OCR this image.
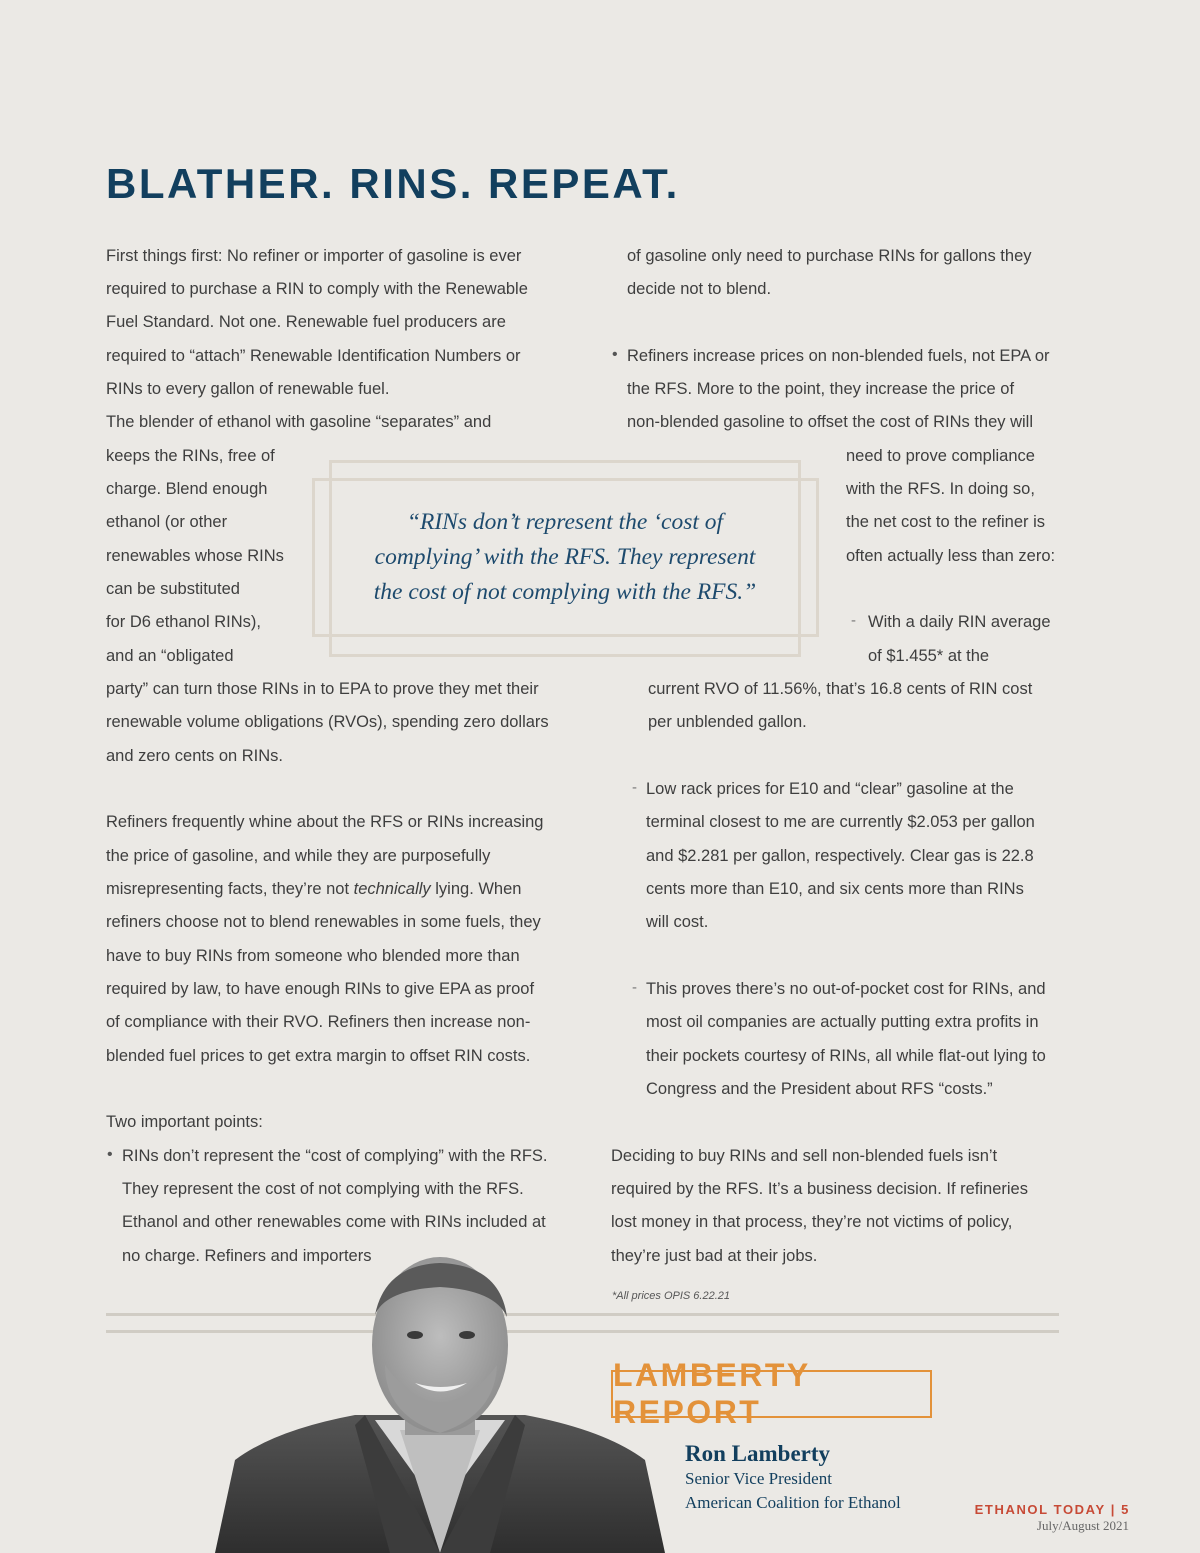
BLATHER. RINS. REPEAT.
First things first: No refiner or importer of gasoline is ever
required to purchase a RIN to comply with the Renewable
Fuel Standard. Not one. Renewable fuel producers are
required to “attach” Renewable Identification Numbers or
RINs to every gallon of renewable fuel.
The blender of ethanol with gasoline “separates” and
keeps the RINs, free of
charge. Blend enough
ethanol (or other
renewables whose RINs
can be substituted
for D6 ethanol RINs),
and an “obligated
party” can turn those RINs in to EPA to prove they met their
renewable volume obligations (RVOs), spending zero dollars
and zero cents on RINs.
Refiners frequently whine about the RFS or RINs increasing
the price of gasoline, and while they are purposefully
misrepresenting facts, they’re not technically lying. When
refiners choose not to blend renewables in some fuels, they
have to buy RINs from someone who blended more than
required by law, to have enough RINs to give EPA as proof
of compliance with their RVO. Refiners then increase non-
blended fuel prices to get extra margin to offset RIN costs.
Two important points:
• RINs don’t represent the “cost of complying” with the RFS.
They represent the cost of not complying with the RFS.
Ethanol and other renewables come with RINs included at
no charge. Refiners and importers
of gasoline only need to purchase RINs for gallons they
decide not to blend.
• Refiners increase prices on non-blended fuels, not EPA or
the RFS. More to the point, they increase the price of
non-blended gasoline to offset the cost of RINs they will
need to prove compliance
with the RFS. In doing so,
the net cost to the refiner is
often actually less than zero:
- With a daily RIN average
of $1.455* at the
current RVO of 11.56%, that’s 16.8 cents of RIN cost
per unblended gallon.
- Low rack prices for E10 and “clear” gasoline at the
terminal closest to me are currently $2.053 per gallon
and $2.281 per gallon, respectively. Clear gas is 22.8
cents more than E10, and six cents more than RINs
will cost.
- This proves there’s no out-of-pocket cost for RINs, and
most oil companies are actually putting extra profits in
their pockets courtesy of RINs, all while flat-out lying to
Congress and the President about RFS “costs.”
Deciding to buy RINs and sell non-blended fuels isn’t
required by the RFS. It’s a business decision. If refineries
lost money in that process, they’re not victims of policy,
they’re just bad at their jobs.
*All prices OPIS 6.22.21
“RINs don’t represent the ‘cost of
complying’ with the RFS. They represent
the cost of not complying with the RFS.”
LAMBERTY REPORT
Ron Lamberty
Senior Vice President
American Coalition for Ethanol	ETHANOL TODAY | 5
July/August 2021
